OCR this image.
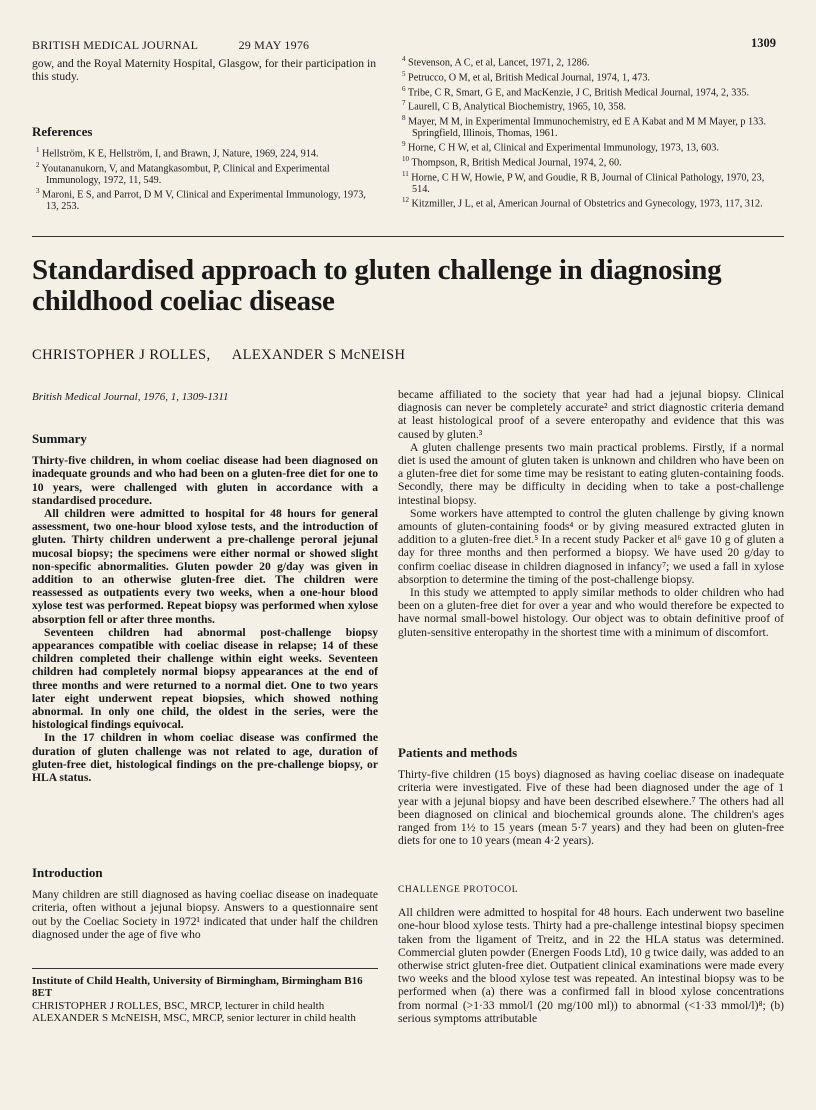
BRITISH MEDICAL JOURNAL	29 MAY 1976	1309
gow, and the Royal Maternity Hospital, Glasgow, for their participation in this study.
References
$^1$ Hellström, K E, Hellström, I, and Brawn, J, Nature, 1969, 224, 914.
$^2$ Youtananukorn, V, and Matangkasombut, P, Clinical and Experimental Immunology, 1972, 11, 549.
$^3$ Maroni, E S, and Parrot, D M V, Clinical and Experimental Immunology, 1973, 13, 253.
$^4$ Stevenson, A C, et al, Lancet, 1971, 2, 1286.
$^5$ Petrucco, O M, et al, British Medical Journal, 1974, 1, 473.
$^6$ Tribe, C R, Smart, G E, and MacKenzie, J C, British Medical Journal, 1974, 2, 335.
$^7$ Laurell, C B, Analytical Biochemistry, 1965, 10, 358.
$^8$ Mayer, M M, in Experimental Immunochemistry, ed E A Kabat and M M Mayer, p 133. Springfield, Illinois, Thomas, 1961.
$^9$ Horne, C H W, et al, Clinical and Experimental Immunology, 1973, 13, 603.
$^{10}$ Thompson, R, British Medical Journal, 1974, 2, 60.
$^{11}$ Horne, C H W, Howie, P W, and Goudie, R B, Journal of Clinical Pathology, 1970, 23, 514.
$^{12}$ Kitzmiller, J L, et al, American Journal of Obstetrics and Gynecology, 1973, 117, 312.
Standardised approach to gluten challenge in diagnosing childhood coeliac disease
CHRISTOPHER J ROLLES, ALEXANDER S McNEISH
British Medical Journal, 1976, 1, 1309-1311
Summary

Thirty-five children, in whom coeliac disease had been diagnosed on inadequate grounds and who had been on a gluten-free diet for one to 10 years, were challenged with gluten in accordance with a standardised procedure.

All children were admitted to hospital for 48 hours for general assessment, two one-hour blood xylose tests, and the introduction of gluten. Thirty children underwent a pre-challenge peroral jejunal mucosal biopsy; the specimens were either normal or showed slight non-specific abnormalities. Gluten powder 20 g/day was given in addition to an otherwise gluten-free diet. The children were reassessed as outpatients every two weeks, when a one-hour blood xylose test was performed. Repeat biopsy was performed when xylose absorption fell or after three months.

Seventeen children had abnormal post-challenge biopsy appearances compatible with coeliac disease in relapse; 14 of these children completed their challenge within eight weeks. Seventeen children had completely normal biopsy appearances at the end of three months and were returned to a normal diet. One to two years later eight underwent repeat biopsies, which showed nothing abnormal. In only one child, the oldest in the series, were the histological findings equivocal.

In the 17 children in whom coeliac disease was confirmed the duration of gluten challenge was not related to age, duration of gluten-free diet, histological findings on the pre-challenge biopsy, or HLA status.

Introduction

Many children are still diagnosed as having coeliac disease on inadequate criteria, often without a jejunal biopsy. Answers to a questionnaire sent out by the Coeliac Society in 1972¹ indicated that under half the children diagnosed under the age of five who

Institute of Child Health, University of Birmingham, Birmingham B16 8ET
CHRISTOPHER J ROLLES, BSC, MRCP, lecturer in child health
ALEXANDER S McNEISH, MSC, MRCP, senior lecturer in child health

became affiliated to the society that year had had a jejunal biopsy. Clinical diagnosis can never be completely accurate² and strict diagnostic criteria demand at least histological proof of a severe enteropathy and evidence that this was caused by gluten.³

A gluten challenge presents two main practical problems. Firstly, if a normal diet is used the amount of gluten taken is unknown and children who have been on a gluten-free diet for some time may be resistant to eating gluten-containing foods. Secondly, there may be difficulty in deciding when to take a post-challenge intestinal biopsy.

Some workers have attempted to control the gluten challenge by giving known amounts of gluten-containing foods⁴ or by giving measured extracted gluten in addition to a gluten-free diet.⁵ In a recent study Packer et al⁶ gave 10 g of gluten a day for three months and then performed a biopsy. We have used 20 g/day to confirm coeliac disease in children diagnosed in infancy⁷; we used a fall in xylose absorption to determine the timing of the post-challenge biopsy.

In this study we attempted to apply similar methods to older children who had been on a gluten-free diet for over a year and who would therefore be expected to have normal small-bowel histology. Our object was to obtain definitive proof of gluten-sensitive enteropathy in the shortest time with a minimum of discomfort.

Patients and methods

Thirty-five children (15 boys) diagnosed as having coeliac disease on inadequate criteria were investigated. Five of these had been diagnosed under the age of 1 year with a jejunal biopsy and have been described elsewhere.⁷ The others had all been diagnosed on clinical and biochemical grounds alone. The children's ages ranged from 1½ to 15 years (mean 5·7 years) and they had been on gluten-free diets for one to 10 years (mean 4·2 years).

CHALLENGE PROTOCOL

All children were admitted to hospital for 48 hours. Each underwent two baseline one-hour blood xylose tests. Thirty had a pre-challenge intestinal biopsy specimen taken from the ligament of Treitz, and in 22 the HLA status was determined. Commercial gluten powder (Energen Foods Ltd), 10 g twice daily, was added to an otherwise strict gluten-free diet. Outpatient clinical examinations were made every two weeks and the blood xylose test was repeated. An intestinal biopsy was to be performed when (a) there was a confirmed fall in blood xylose concentrations from normal (>1·33 mmol/l (20 mg/100 ml)) to abnormal (<1·33 mmol/l)⁸; (b) serious symptoms attributable
